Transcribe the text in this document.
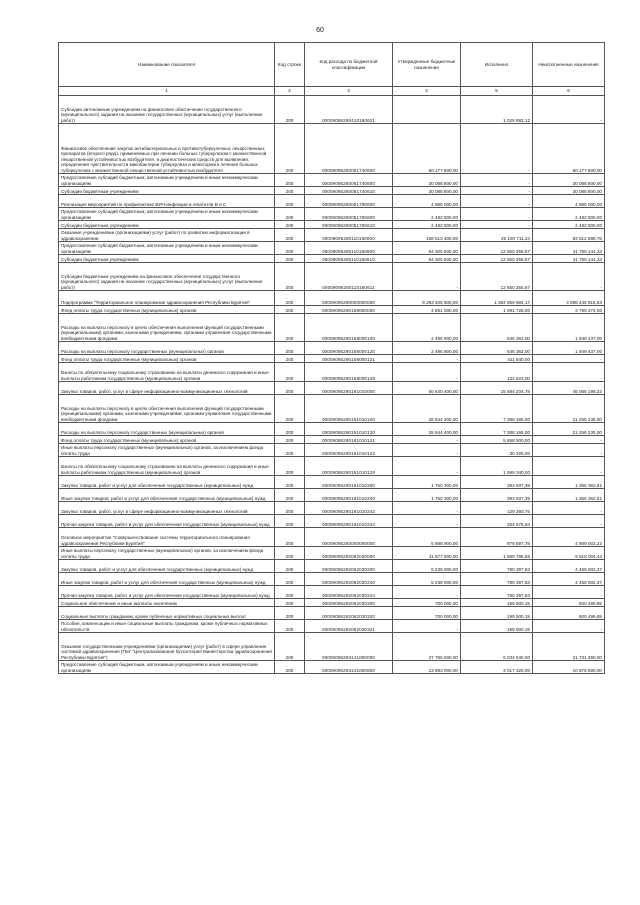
60
Наименование показателя	Код строки	Код расхода по бюджетной классификации	Утвержденные бюджетные назначения	Исполнено	Неисполненные назначения
1	2	3	4	5	6
Субсидии автономным учреждениям на финансовое обеспечение государственного (муниципального) задания на оказание государственных (муниципальных) услуг (выполнение работ)	200	00009095280410160621		1 029 882,12	-
Финансовое обеспечение закупок антибактериальных и противотуберкулезных лекарственных препаратов (второго ряда), применяемых при лечении больных туберкулезом с множественной лекарственной устойчивостью возбудителя, и диагностических средств для выявления, определения чувствительности микобактерии туберкулеза и мониторинга лечения больных туберкулезом с множественной лекарственной устойчивостью возбудителя	200	00009095280051740600	60 177 600,00	-	60 177 600,00
Предоставление субсидий бюджетным, автономным учреждениям и иным некоммерческим организациям	200	00009095280051740600	30 088 800,00	-	30 088 800,00
Субсидии бюджетным учреждениям	200	00009095280051740610	30 088 800,00	-	30 088 800,00
Реализация мероприятий по профилактике ВИЧ-инфекции и гепатитов В и С	200	00009095280051790600	4 965 000,00	-	4 965 000,00
Предоставление субсидий бюджетным, автономным учреждениям и иным некоммерческим организациям	200	00009095280051790600	2 482 500,00	-	2 482 500,00
Субсидии бюджетным учреждениям	200	00009095280051790610	2 482 500,00	-	2 482 500,00
Оказание учреждениями (организациями) услуг (работ) по развитию информатизации в здравоохранении	200	00009095280110160000	108 613 400,00	25 100 711,24	83 512 688,76
Предоставление субсидий бюджетным, автономным учреждениям и иным некоммерческим организациям	200	00009095280110160600	54 306 500,00	12 550 355,67	41 756 144,33
Субсидии бюджетным учреждениям	200	00009095280110160610	54 306 500,00	12 550 355,67	41 756 144,33
Субсидии бюджетным учреждениям на финансовое обеспечение государственного (муниципального) задания на оказание государственных (муниципальных) услуг (выполнение работ)	200	00009095280110160611	-	12 550 355,67	-
Подпрограмма "Территориальное планирование здравоохранения Республики Бурятия"	200	00009095290000000000	6 283 405 500,00	1 384 959 684,17	4 898 445 815,83
Фонд оплаты труда государственных (муниципальных) органов	200	00009095290158000000	4 891 000,00	1 091 726,00	3 799 274,00
Расходы на выплаты персоналу в целях обеспечения выполнения функций государственными (муниципальными) органами, казенными учреждениями, органами управления государственными внебюджетными фондами	200	00009095290158000100	2 495 800,00	546 363,00	1 949 437,00
Расходы на выплаты персоналу государственных (муниципальных) органов	200	00009095290158000120	2 495 800,00	546 363,00	1 949 437,00
Фонд оплаты труда государственных (муниципальных) органов	200	00009095290158000121	-	411 840,00	-
Взносы по обязательному социальному страхованию на выплаты денежного содержания и иные выплаты работникам государственных (муниципальных) органов	200	00009095290158000129	-	134 523,00	-
Закупка товаров, работ, услуг в сфере информационно-коммуникационных технологий	200	00009095290191010000	60 640 400,00	15 584 204,78	45 056 195,22
Расходы на выплаты персоналу в целях обеспечения выполнения функций государственными (муниципальными) органами, казенными учреждениями, органами управления государственными внебюджетными фондами	200	00009095290191010100	28 644 400,00	7 388 165,00	21 256 235,00
Расходы на выплаты персоналу государственных (муниципальных) органов	200	00009095290191010120	28 644 400,00	7 388 165,00	21 256 235,00
Фонд оплаты труда государственных (муниципальных) органов	200	00009095290191010121	-	5 658 500,00	-
Иные выплаты персоналу государственных (муниципальных) органов, за исключением фонда оплаты труда	200	00009095290191010122	-	30 325,00	-
Взносы по обязательному социальному страхованию на выплаты денежного содержания и иные выплаты работникам государственных (муниципальных) органов	200	00009095290191010129	-	1 699 340,00	-
Закупка товаров, работ и услуг для обеспечения государственных (муниципальных) нужд	200	00009095290191010200	1 750 300,00	393 937,39	1 356 362,61
Иные закупки товаров, работ и услуг для обеспечения государственных (муниципальных) нужд	200	00009095290191010240	1 750 300,00	393 937,39	1 356 362,61
Закупка товаров, работ, услуг в сфере информационно-коммуникационных технологий	200	00009095290191010242	-	129 260,75	-
Прочая закупка товаров, работ и услуг для обеспечения государственных (муниципальных) нужд	200	00009095290191010244	-	264 676,64	-
Основное мероприятие "Совершенствование системы территориального планирования здравоохранения Республики Бурятия"	200	00009095292000000000	5 888 900,00	979 897,78	4 909 002,22
Иные выплаты персоналу государственных (муниципальных) органов, за исключением фонда оплаты труда	200	00009095292062030000	11 577 800,00	1 959 795,56	9 618 004,44
Закупка товаров, работ и услуг для обеспечения государственных (муниципальных) нужд	200	00009095292062030200	5 238 900,00	780 397,63	4 458 502,37
Иные закупки товаров, работ и услуг для обеспечения государственных (муниципальных) нужд	200	00009095292062030240	5 238 900,00	780 397,63	4 458 502,37
Прочая закупка товаров, работ и услуг для обеспечения государственных (муниципальных) нужд	200	00009095292062030244	-	780 397,63	-
Социальное обеспечение и иные выплаты населению	200	00009095292062030300	700 000,00	199 500,15	500 499,85
Социальные выплаты гражданам, кроме публичных нормативных социальных выплат	200	00009095292062030320	700 000,00	199 500,15	500 499,85
Пособия, компенсации и иные социальные выплаты гражданам, кроме публичных нормативных обязательств	200	00009095292062030321	-	199 500,15	-
Оказание государственными учреждениями (организациями) услуг (работ) в сфере управления системой здравоохранения (ГБУ "Централизованная бухгалтерия Министерства здравоохранения Республики Бурятия")	200	00009095293141000000	27 766 000,00	6 034 640,00	21 731 360,00
Предоставление субсидий бюджетным, автономным учреждениям и иным некоммерческим организациям	200	00009095293141000600	13 893 000,00	3 017 320,00	10 875 680,00
